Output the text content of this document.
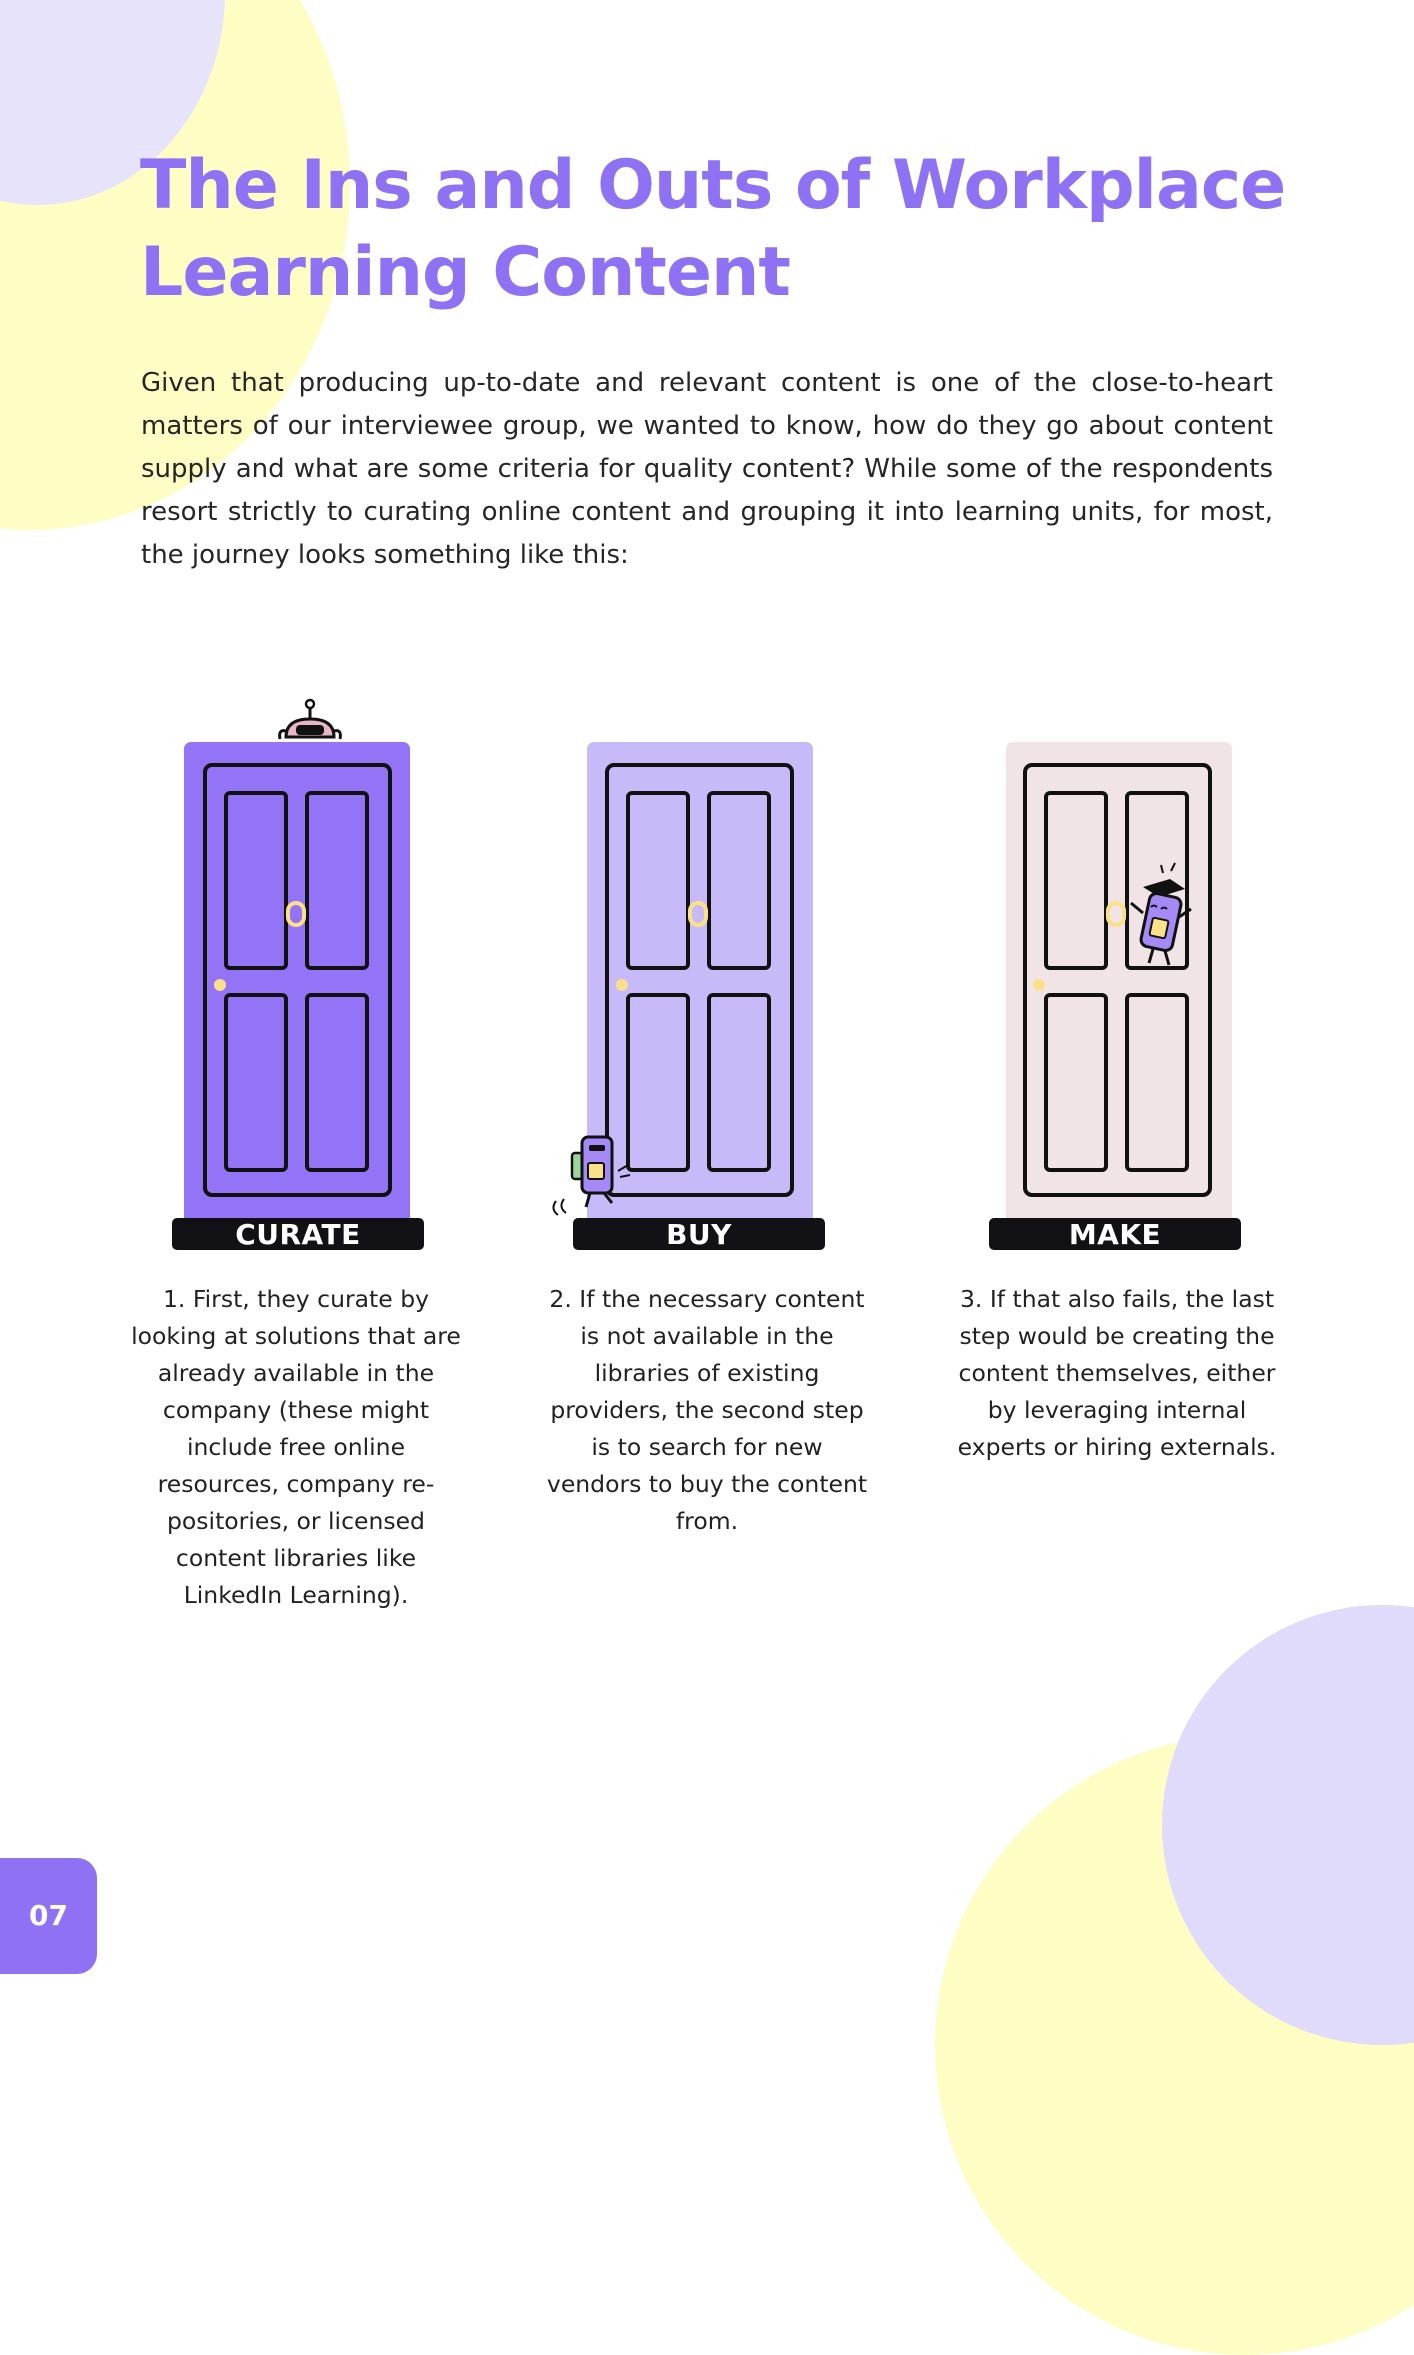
The Ins and Outs of Workplace
Learning Content

Given that producing up-to-date and relevant content is one of the close-to-heart matters of our interviewee group, we wanted to know, how do they go about content supply and what are some criteria for quality content? While some of the respondents resort strictly to curating online content and grouping it into learning units, for most, the journey looks something like this:

CURATE	BUY	MAKE

1. First, they curate by looking at solutions that are already available in the company (these might include free online resources, company re-positories, or licensed content libraries like LinkedIn Learning).

2. If the necessary content is not available in the libraries of existing providers, the second step is to search for new vendors to buy the content from.

3. If that also fails, the last step would be creating the content themselves, either by leveraging internal experts or hiring externals.

07
